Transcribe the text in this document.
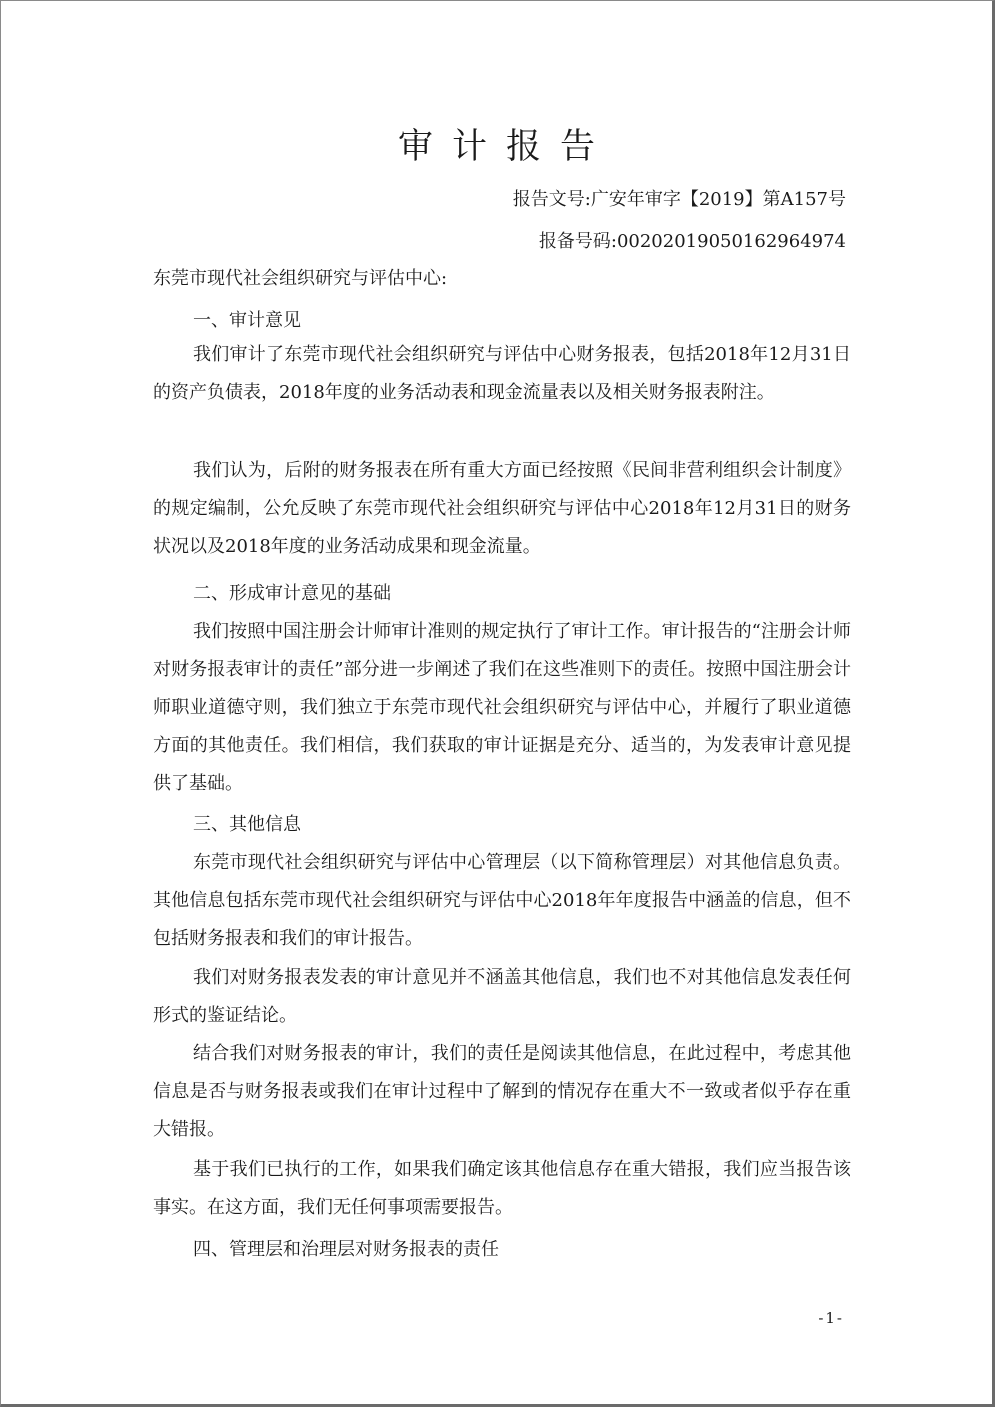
审计报告
报告文号:广安年审字【2019】第A157号
报备号码:00202019050162964974
东莞市现代社会组织研究与评估中心:
一、审计意见

我们审计了东莞市现代社会组织研究与评估中心财务报表，包括2018年12月31日的资产负债表，2018年度的业务活动表和现金流量表以及相关财务报表附注。

我们认为，后附的财务报表在所有重大方面已经按照《民间非营利组织会计制度》的规定编制，公允反映了东莞市现代社会组织研究与评估中心2018年12月31日的财务状况以及2018年度的业务活动成果和现金流量。

二、形成审计意见的基础

我们按照中国注册会计师审计准则的规定执行了审计工作。审计报告的“注册会计师对财务报表审计的责任”部分进一步阐述了我们在这些准则下的责任。按照中国注册会计师职业道德守则，我们独立于东莞市现代社会组织研究与评估中心，并履行了职业道德方面的其他责任。我们相信，我们获取的审计证据是充分、适当的，为发表审计意见提供了基础。

三、其他信息

东莞市现代社会组织研究与评估中心管理层（以下简称管理层）对其他信息负责。其他信息包括东莞市现代社会组织研究与评估中心2018年年度报告中涵盖的信息，但不包括财务报表和我们的审计报告。

我们对财务报表发表的审计意见并不涵盖其他信息，我们也不对其他信息发表任何形式的鉴证结论。

结合我们对财务报表的审计，我们的责任是阅读其他信息，在此过程中，考虑其他信息是否与财务报表或我们在审计过程中了解到的情况存在重大不一致或者似乎存在重大错报。

基于我们已执行的工作，如果我们确定该其他信息存在重大错报，我们应当报告该事实。在这方面，我们无任何事项需要报告。

四、管理层和治理层对财务报表的责任
-1-
